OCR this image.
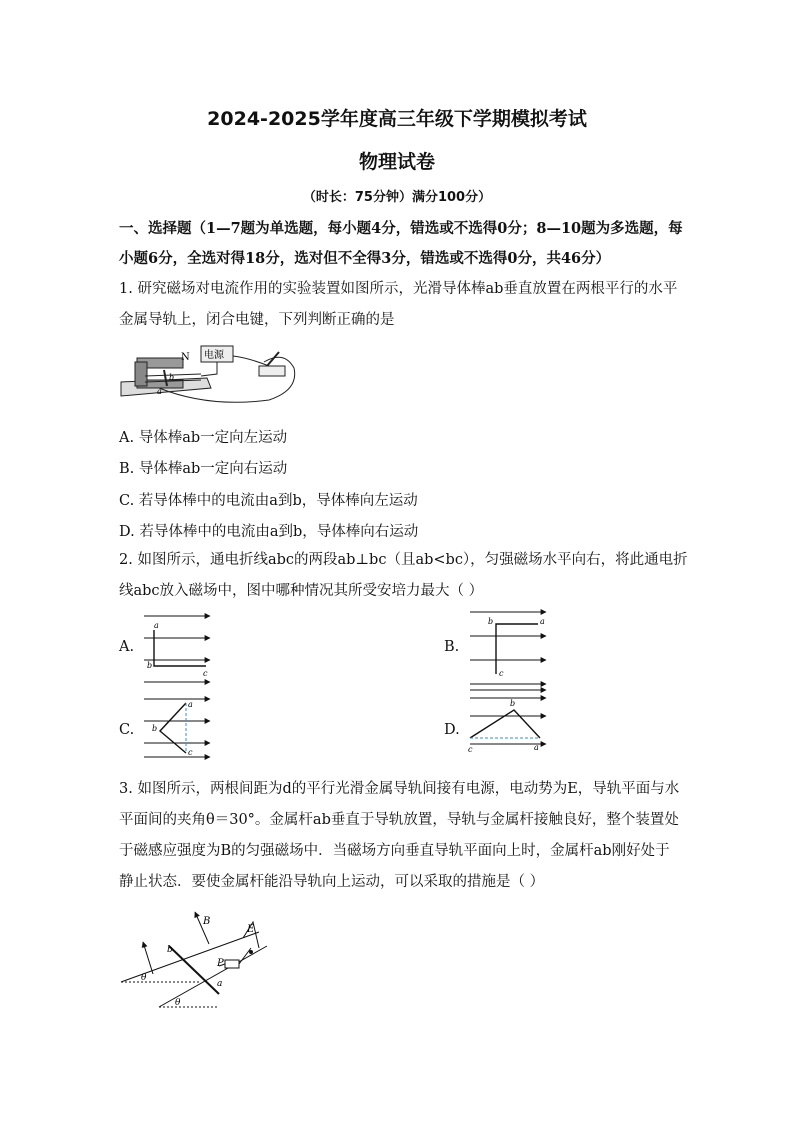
2024-2025学年度高三年级下学期模拟考试
物理试卷
（时长：75分钟）满分100分）
一、选择题（1—7题为单选题，每小题4分，错选或不选得0分；8—10题为多选题，每
小题6分，全选对得18分，选对但不全得3分，错选或不选得0分，共46分）
1. 研究磁场对电流作用的实验装置如图所示，光滑导体棒ab垂直放置在两根平行的水平
金属导轨上，闭合电键，下列判断正确的是
电源
N
a
b
A. 导体棒ab一定向左运动
B. 导体棒ab一定向右运动
C. 若导体棒中的电流由a到b，导体棒向左运动
D. 若导体棒中的电流由a到b，导体棒向右运动
2. 如图所示，通电折线abc的两段ab⊥bc（且ab<bc），匀强磁场水平向右，将此通电折
线abc放入磁场中，图中哪种情况其所受安培力最大（ ）
A.
a
b
c
B.
a
b
c
C.
a
b
c
D.
b
c	a
3. 如图所示，两根间距为d的平行光滑金属导轨间接有电源，电动势为E，导轨平面与水
平面间的夹角θ＝30°。金属杆ab垂直于导轨放置，导轨与金属杆接触良好，整个装置处
于磁感应强度为B的匀强磁场中．当磁场方向垂直导轨平面向上时，金属杆ab刚好处于
静止状态．要使金属杆能沿导轨向上运动，可以采取的措施是（ ）
B
E
P
b
a
θ
θ
